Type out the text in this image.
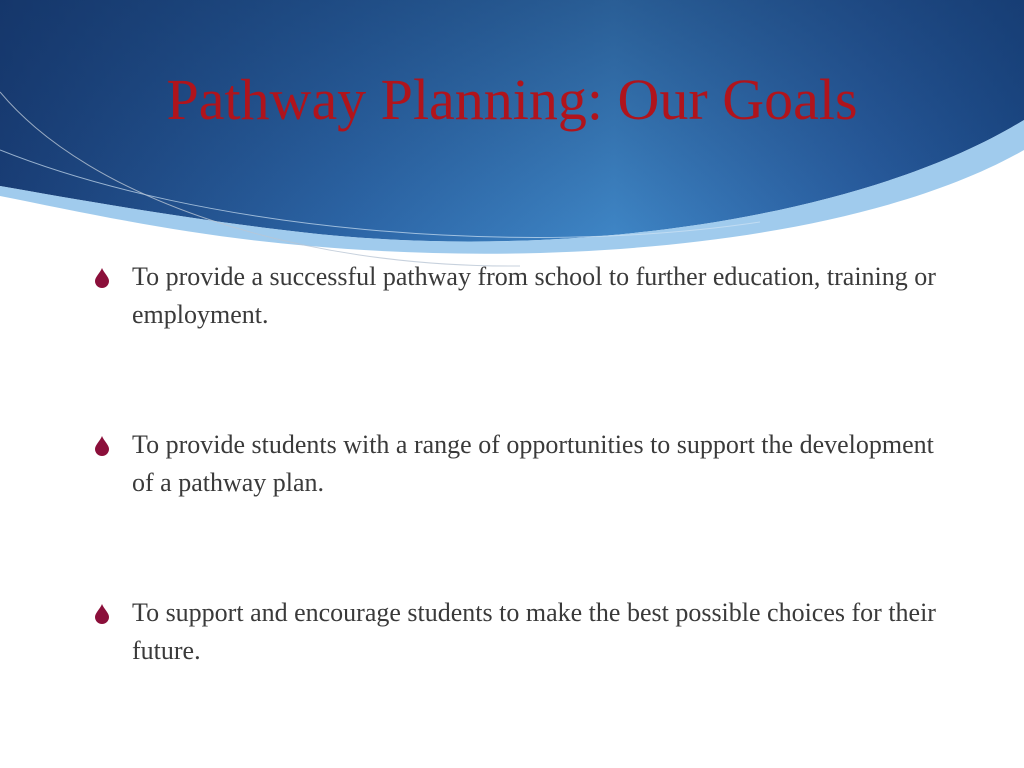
Pathway Planning: Our Goals
To provide a successful pathway from school to further education, training or employment.
To provide students with a range of opportunities to support the development of a pathway plan.
To support and encourage students to make the best possible choices for their future.
